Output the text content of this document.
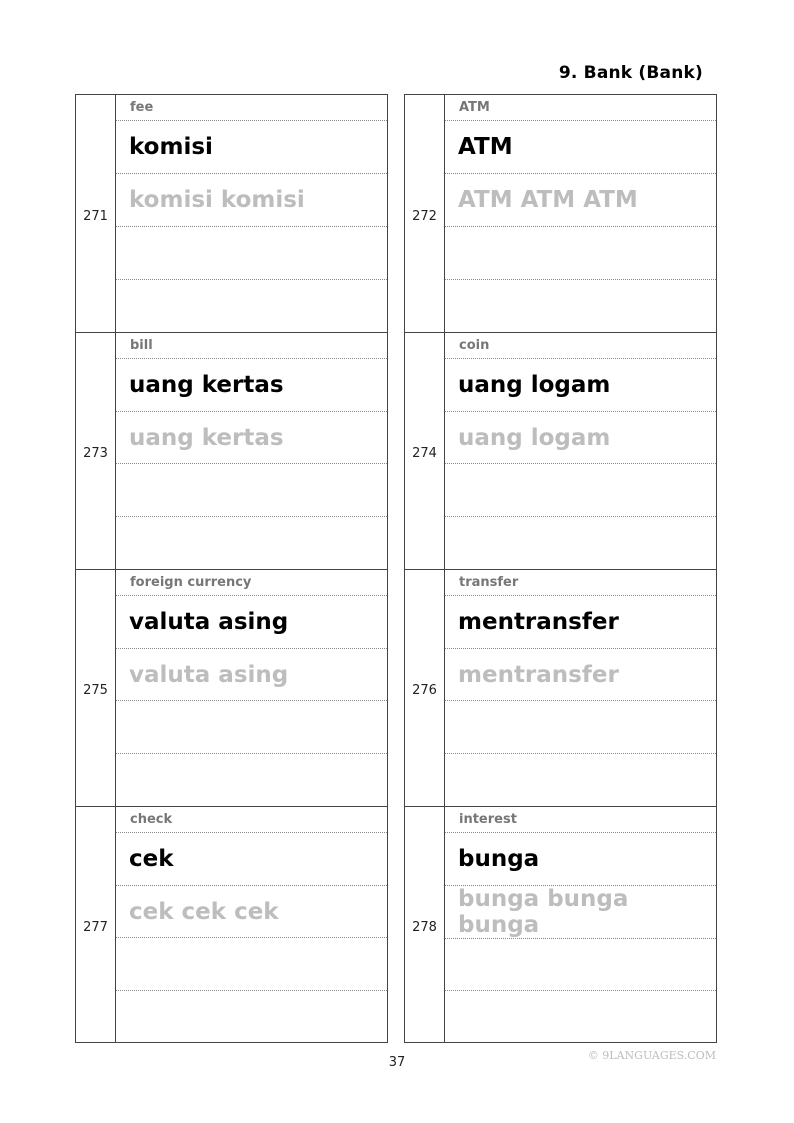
9. Bank (Bank)
271
fee
komisi
komisi komisi
273
bill
uang kertas
uang kertas
275
foreign currency
valuta asing
valuta asing
277
check
cek
cek cek cek
272
ATM
ATM
ATM ATM ATM
274
coin
uang logam
uang logam
276
transfer
mentransfer
mentransfer
278
interest
bunga
bunga bunga bunga
37	© 9LANGUAGES.COM
